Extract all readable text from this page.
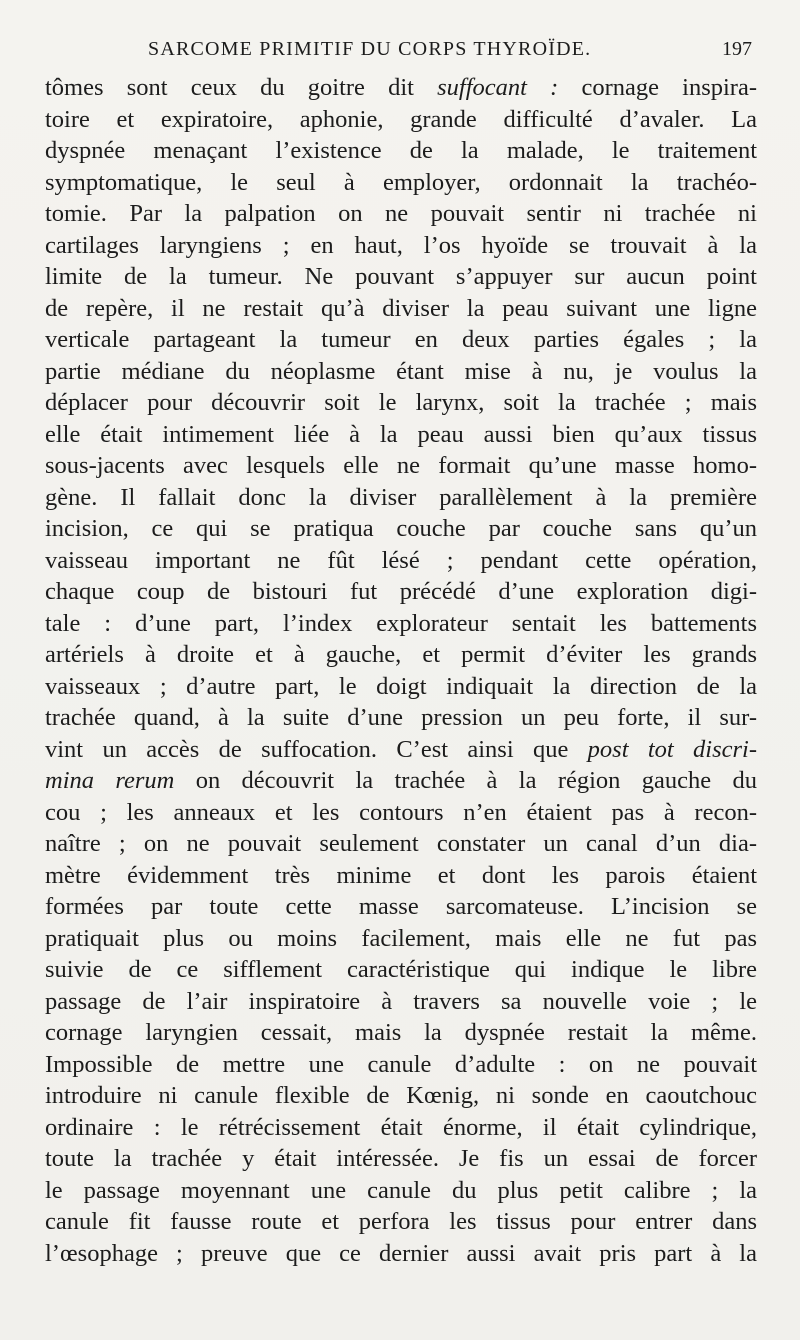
SARCOME PRIMITIF DU CORPS THYROÏDE.	197
tômes sont ceux du goitre dit suffocant : cornage inspira-
toire et expiratoire, aphonie, grande difficulté d’avaler. La
dyspnée menaçant l’existence de la malade, le traitement
symptomatique, le seul à employer, ordonnait la trachéo-
tomie. Par la palpation on ne pouvait sentir ni trachée ni
cartilages laryngiens ; en haut, l’os hyoïde se trouvait à la
limite de la tumeur. Ne pouvant s’appuyer sur aucun point
de repère, il ne restait qu’à diviser la peau suivant une ligne
verticale partageant la tumeur en deux parties égales ; la
partie médiane du néoplasme étant mise à nu, je voulus la
déplacer pour découvrir soit le larynx, soit la trachée ; mais
elle était intimement liée à la peau aussi bien qu’aux tissus
sous-jacents avec lesquels elle ne formait qu’une masse homo-
gène. Il fallait donc la diviser parallèlement à la première
incision, ce qui se pratiqua couche par couche sans qu’un
vaisseau important ne fût lésé ; pendant cette opération,
chaque coup de bistouri fut précédé d’une exploration digi-
tale : d’une part, l’index explorateur sentait les battements
artériels à droite et à gauche, et permit d’éviter les grands
vaisseaux ; d’autre part, le doigt indiquait la direction de la
trachée quand, à la suite d’une pression un peu forte, il sur-
vint un accès de suffocation. C’est ainsi que post tot discri-
mina rerum on découvrit la trachée à la région gauche du
cou ; les anneaux et les contours n’en étaient pas à recon-
naître ; on ne pouvait seulement constater un canal d’un dia-
mètre évidemment très minime et dont les parois étaient
formées par toute cette masse sarcomateuse. L’incision se
pratiquait plus ou moins facilement, mais elle ne fut pas
suivie de ce sifflement caractéristique qui indique le libre
passage de l’air inspiratoire à travers sa nouvelle voie ; le
cornage laryngien cessait, mais la dyspnée restait la même.
Impossible de mettre une canule d’adulte : on ne pouvait
introduire ni canule flexible de Kœnig, ni sonde en caoutchouc
ordinaire : le rétrécissement était énorme, il était cylindrique,
toute la trachée y était intéressée. Je fis un essai de forcer
le passage moyennant une canule du plus petit calibre ; la
canule fit fausse route et perfora les tissus pour entrer dans
l’œsophage ; preuve que ce dernier aussi avait pris part à la
